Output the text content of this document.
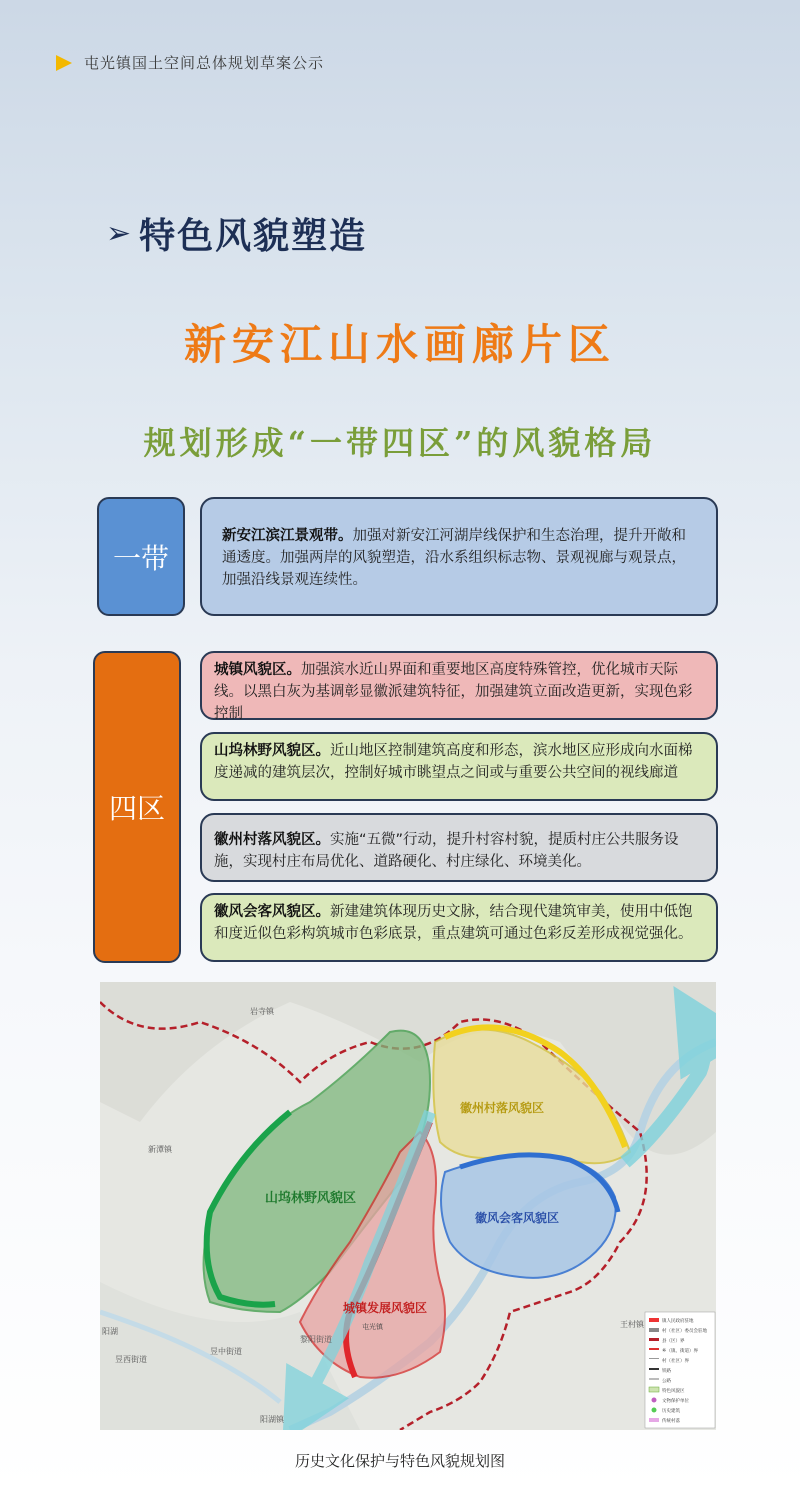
屯光镇国土空间总体规划草案公示
➢ 特色风貌塑造
新安江山水画廊片区
规划形成“一带四区”的风貌格局
一带
新安江滨江景观带。加强对新安江河湖岸线保护和生态治理，提升开敞和通透度。加强两岸的风貌塑造，沿水系组织标志物、景观视廊与观景点，加强沿线景观连续性。
四区
城镇风貌区。加强滨水近山界面和重要地区高度特殊管控，优化城市天际线。以黑白灰为基调彰显徽派建筑特征，加强建筑立面改造更新，实现色彩控制
山坞林野风貌区。近山地区控制建筑高度和形态，滨水地区应形成向水面梯度递减的建筑层次，控制好城市眺望点之间或与重要公共空间的视线廊道
徽州村落风貌区。实施“五微”行动，提升村容村貌，提质村庄公共服务设施，实现村庄布局优化、道路硬化、村庄绿化、环境美化。
徽风会客风貌区。新建建筑体现历史文脉，结合现代建筑审美，使用中低饱和度近似色彩构筑城市色彩底景，重点建筑可通过色彩反差形成视觉强化。
山坞林野风貌区
徽州村落风貌区
徽风会客风貌区
城镇发展风貌区
岩寺镇
新潭镇
王村镇
屯光镇
黎阳街道
阳湖镇
昱中街道
昱西街道
阳湖
镇人民政府驻地
村（社区）委员会驻地
县（区）界
乡（镇、街道）界
村（社区）界
铁路
公路
特色风貌区
文物保护单位
历史建筑
传统村落
历史文化保护与特色风貌规划图
